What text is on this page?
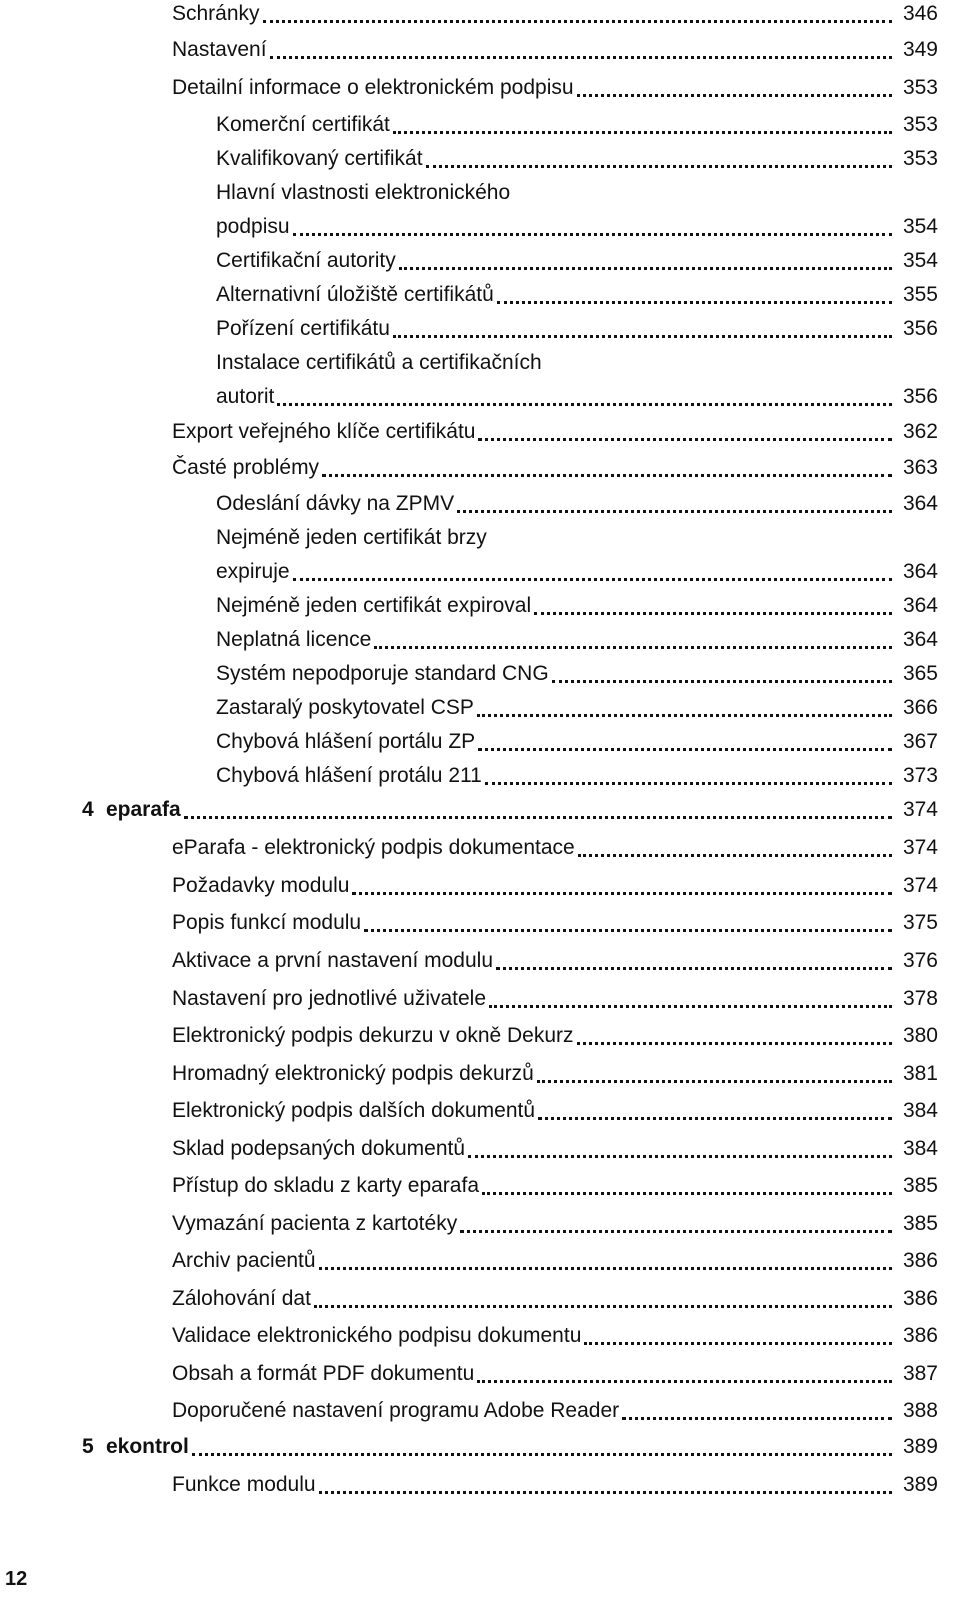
Schránky	346
Nastavení	349
Detailní informace o elektronickém podpisu	353
Komerční certifikát	353
Kvalifikovaný certifikát	353
Hlavní vlastnosti elektronického
podpisu	354
Certifikační autority	354
Alternativní úložiště certifikátů	355
Pořízení certifikátu	356
Instalace certifikátů a certifikačních
autorit	356
Export veřejného klíče certifikátu	362
Časté problémy	363
Odeslání dávky na ZPMV	364
Nejméně jeden certifikát brzy
expiruje	364
Nejméně jeden certifikát expiroval	364
Neplatná licence	364
Systém nepodporuje standard CNG	365
Zastaralý poskytovatel CSP	366
Chybová hlášení portálu ZP	367
Chybová hlášení protálu 211	373
4 eparafa	374
eParafa - elektronický podpis dokumentace	374
Požadavky modulu	374
Popis funkcí modulu	375
Aktivace a první nastavení modulu	376
Nastavení pro jednotlivé uživatele	378
Elektronický podpis dekurzu v okně Dekurz	380
Hromadný elektronický podpis dekurzů	381
Elektronický podpis dalších dokumentů	384
Sklad podepsaných dokumentů	384
Přístup do skladu z karty eparafa	385
Vymazání pacienta z kartotéky	385
Archiv pacientů	386
Zálohování dat	386
Validace elektronického podpisu dokumentu	386
Obsah a formát PDF dokumentu	387
Doporučené nastavení programu Adobe Reader	388
5 ekontrol	389
Funkce modulu	389
12
